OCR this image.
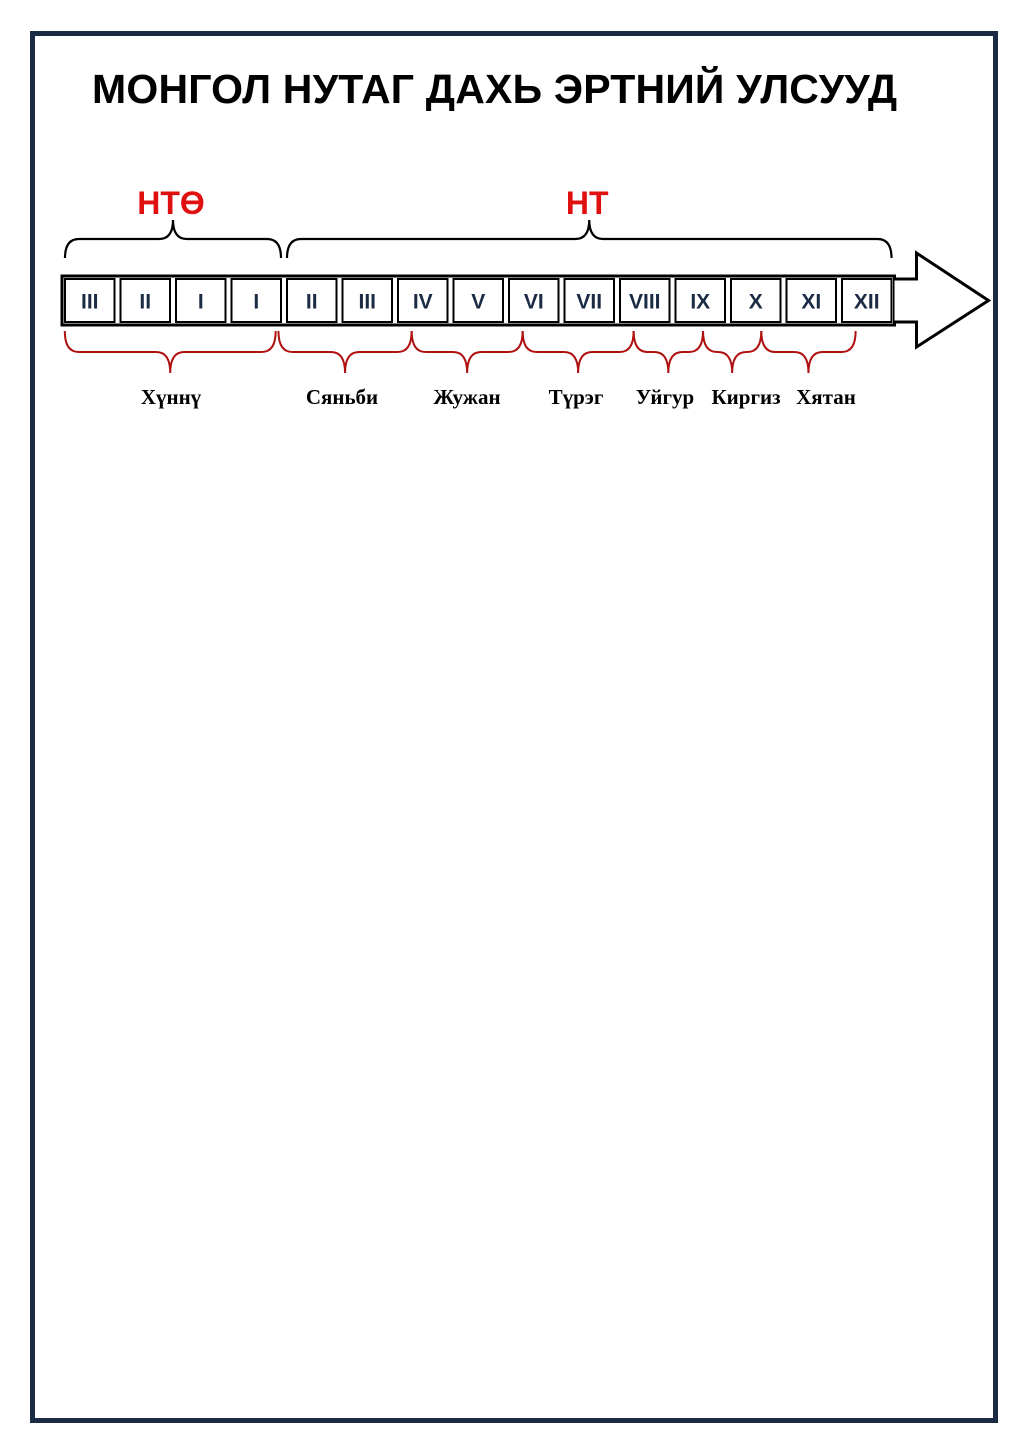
МОНГОЛ НУТАГ ДАХЬ ЭРТНИЙ УЛСУУД
НТӨ	НТ
III II I I II III IV V VI VII VIII IX X XI XII
Хүннү	Сяньби	Жужан Түрэг Уйгур Киргиз Хятан
